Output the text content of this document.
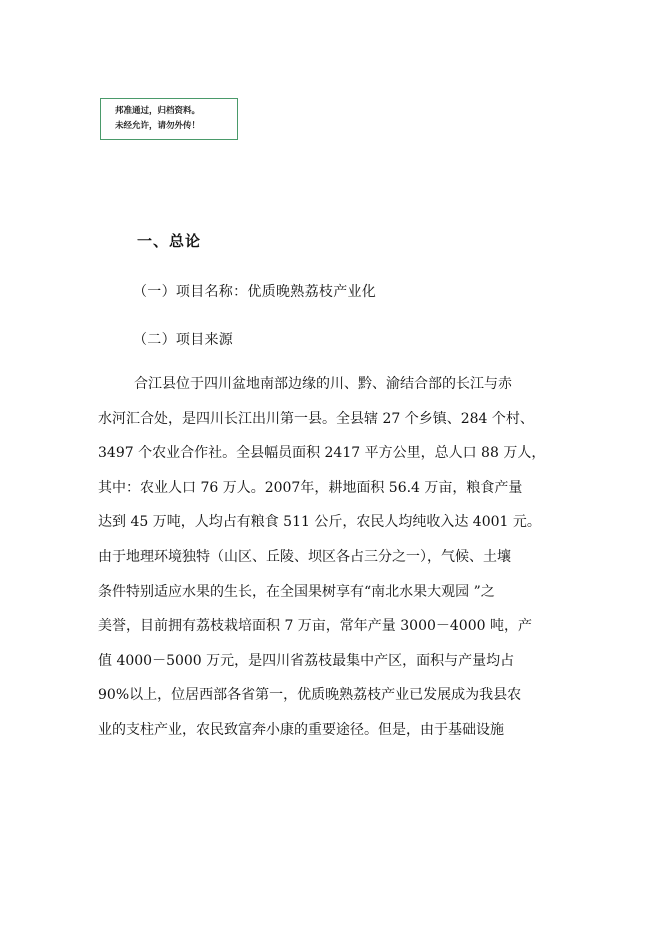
邦准通过，归档资料。
未经允许，请勿外传！
一、总论
（一）项目名称：优质晚熟荔枝产业化
（二）项目来源
合江县位于四川盆地南部边缘的川、黔、渝结合部的长江与赤
水河汇合处，是四川长江出川第一县。全县辖 27 个乡镇、284 个村、
3497 个农业合作社。全县幅员面积 2417 平方公里，总人口 88 万人，
其中：农业人口 76 万人。2007年，耕地面积 56.4 万亩，粮食产量
达到 45 万吨，人均占有粮食 511 公斤，农民人均纯收入达 4001 元。
由于地理环境独特（山区、丘陵、坝区各占三分之一），气候、土壤
条件特别适应水果的生长，在全国果树享有“南北水果大观园 ”之
美誉，目前拥有荔枝栽培面积 7 万亩，常年产量 3000－4000 吨，产
值 4000－5000 万元，是四川省荔枝最集中产区，面积与产量均占
90%以上，位居西部各省第一，优质晚熟荔枝产业已发展成为我县农
业的支柱产业，农民致富奔小康的重要途径。但是，由于基础设施
